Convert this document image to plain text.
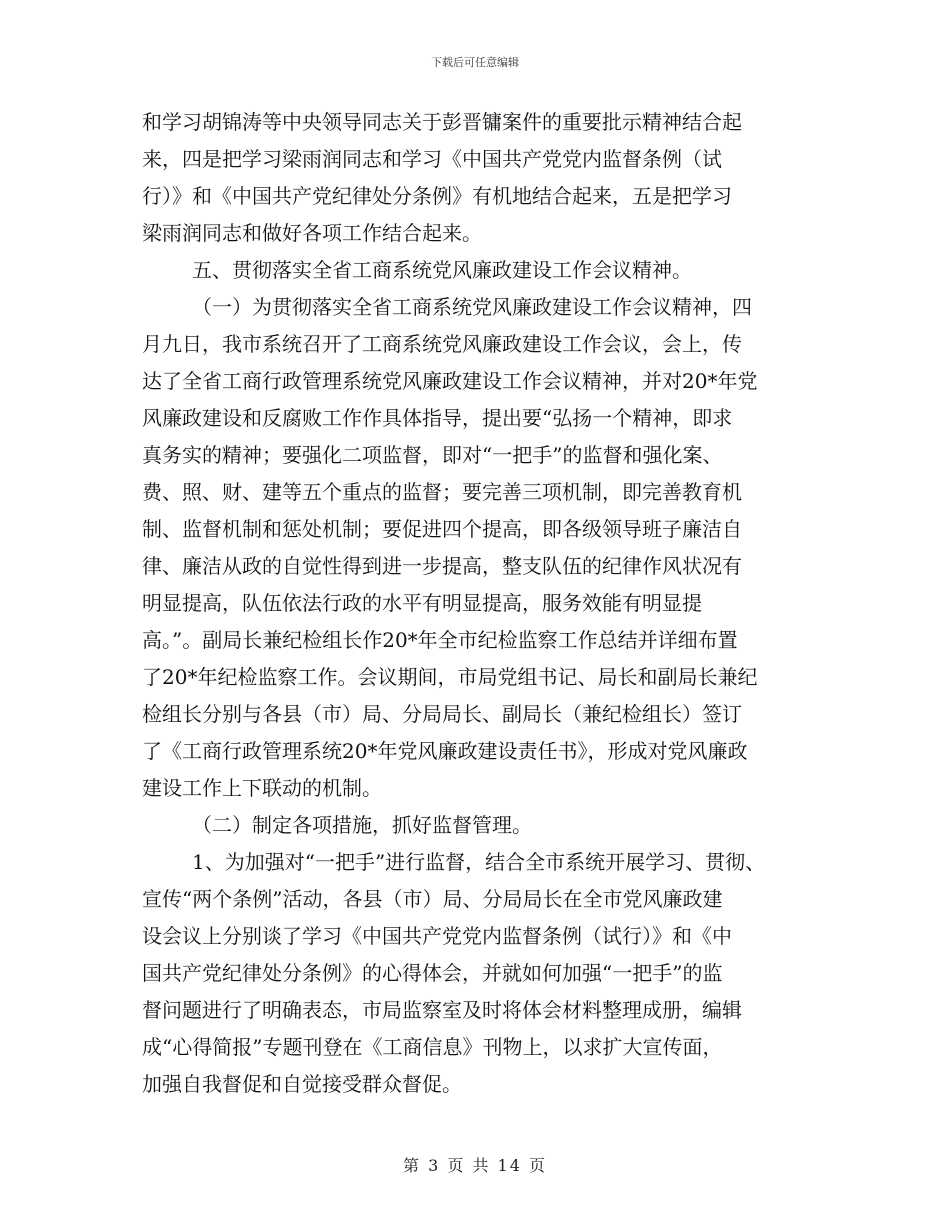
下载后可任意编辑
和学习胡锦涛等中央领导同志关于彭晋镛案件的重要批示精神结合起
来，四是把学习梁雨润同志和学习《中国共产党党内监督条例（试
行）》和《中国共产党纪律处分条例》有机地结合起来，五是把学习
梁雨润同志和做好各项工作结合起来。
五、贯彻落实全省工商系统党风廉政建设工作会议精神。
（一）为贯彻落实全省工商系统党风廉政建设工作会议精神，四
月九日，我市系统召开了工商系统党风廉政建设工作会议，会上，传
达了全省工商行政管理系统党风廉政建设工作会议精神，并对20*年党
风廉政建设和反腐败工作作具体指导，提出要“弘扬一个精神，即求
真务实的精神；要强化二项监督，即对“一把手”的监督和强化案、
费、照、财、建等五个重点的监督；要完善三项机制，即完善教育机
制、监督机制和惩处机制；要促进四个提高，即各级领导班子廉洁自
律、廉洁从政的自觉性得到进一步提高，整支队伍的纪律作风状况有
明显提高，队伍依法行政的水平有明显提高，服务效能有明显提
高。”。副局长兼纪检组长作20*年全市纪检监察工作总结并详细布置
了20*年纪检监察工作。会议期间，市局党组书记、局长和副局长兼纪
检组长分别与各县（市）局、分局局长、副局长（兼纪检组长）签订
了《工商行政管理系统20*年党风廉政建设责任书》，形成对党风廉政
建设工作上下联动的机制。
（二）制定各项措施，抓好监督管理。
1、为加强对“一把手”进行监督，结合全市系统开展学习、贯彻、
宣传“两个条例”活动，各县（市）局、分局局长在全市党风廉政建
设会议上分别谈了学习《中国共产党党内监督条例（试行）》和《中
国共产党纪律处分条例》的心得体会，并就如何加强“一把手”的监
督问题进行了明确表态，市局监察室及时将体会材料整理成册，编辑
成“心得简报”专题刊登在《工商信息》刊物上，以求扩大宣传面，
加强自我督促和自觉接受群众督促。
第 3 页 共 14 页
